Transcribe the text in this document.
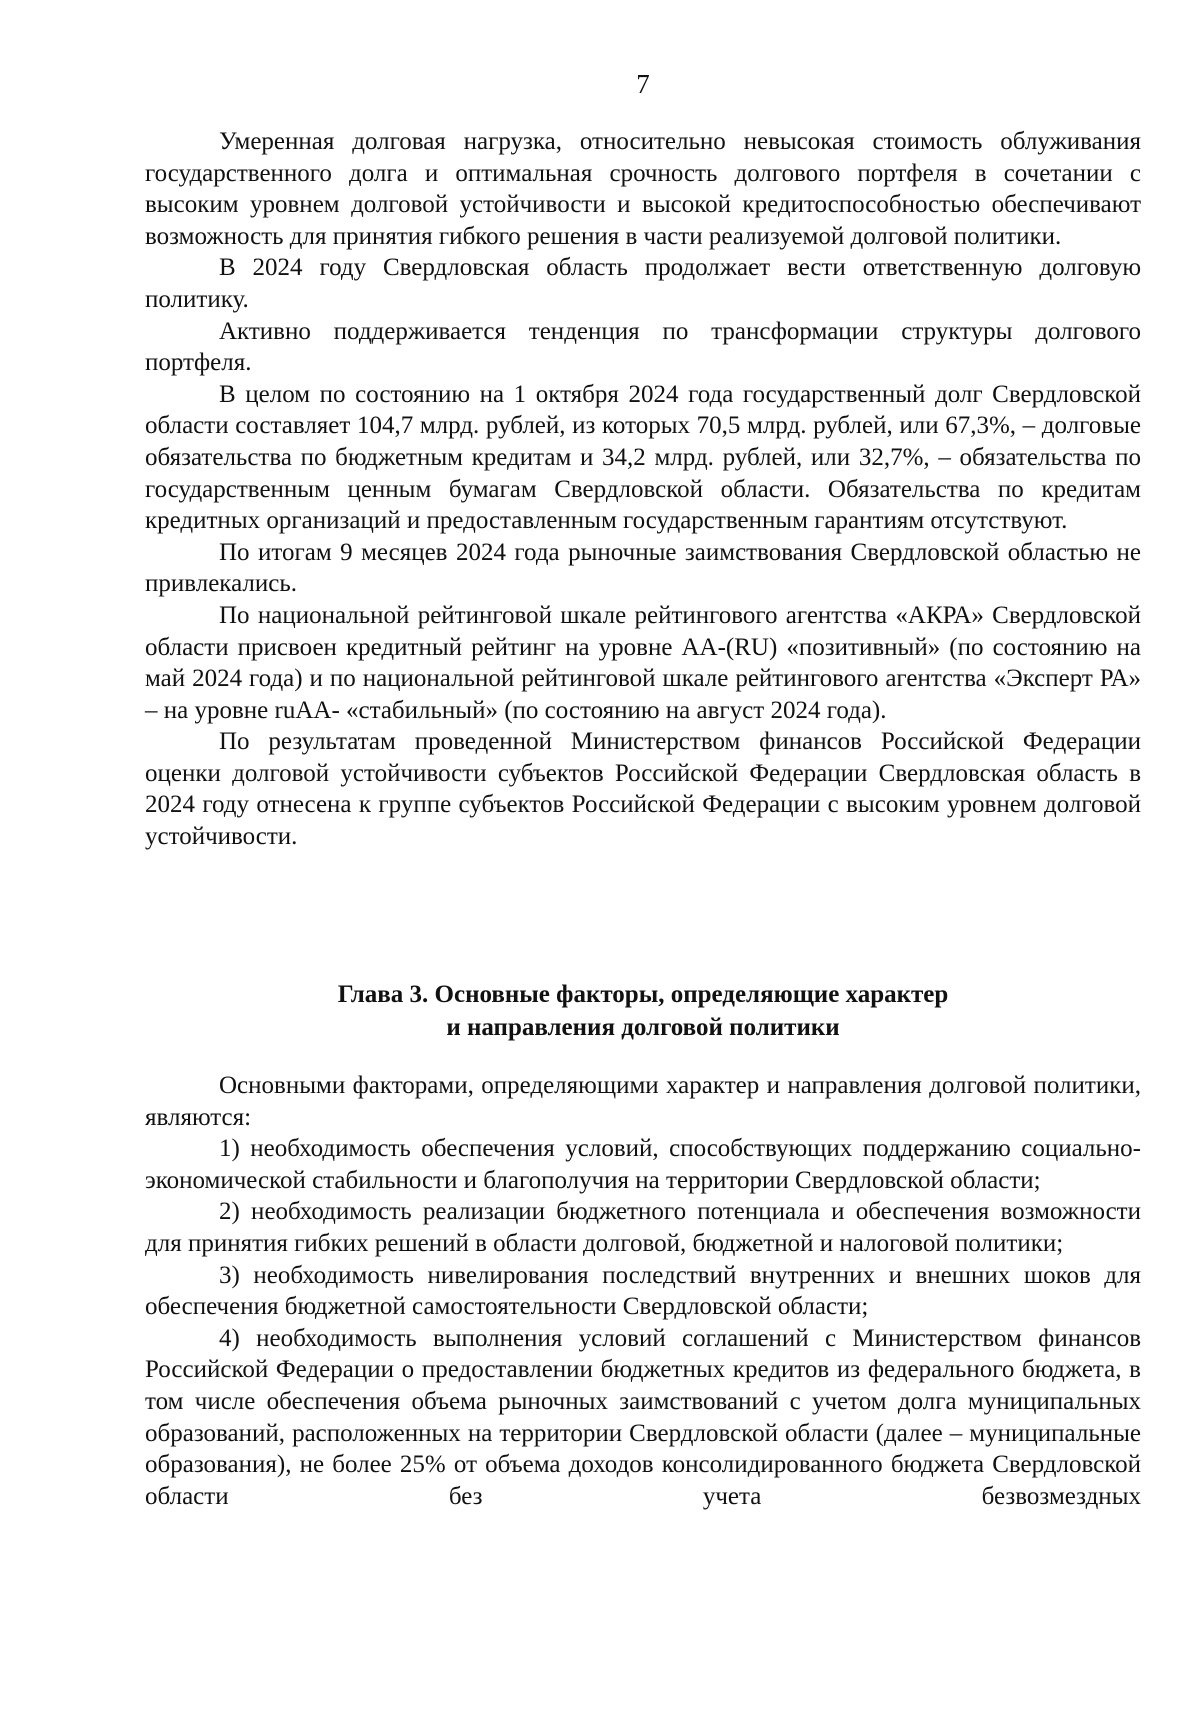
7

Умеренная долговая нагрузка, относительно невысокая стоимость облуживания государственного долга и оптимальная срочность долгового портфеля в сочетании с высоким уровнем долговой устойчивости и высокой кредитоспособностью обеспечивают возможность для принятия гибкого решения в части реализуемой долговой политики.

В 2024 году Свердловская область продолжает вести ответственную долговую политику.

Активно поддерживается тенденция по трансформации структуры долгового портфеля.

В целом по состоянию на 1 октября 2024 года государственный долг Свердловской области составляет 104,7 млрд. рублей, из которых 70,5 млрд. рублей, или 67,3%, – долговые обязательства по бюджетным кредитам и 34,2 млрд. рублей, или 32,7%, – обязательства по государственным ценным бумагам Свердловской области. Обязательства по кредитам кредитных организаций и предоставленным государственным гарантиям отсутствуют.

По итогам 9 месяцев 2024 года рыночные заимствования Свердловской областью не привлекались.

По национальной рейтинговой шкале рейтингового агентства «АКРА» Свердловской области присвоен кредитный рейтинг на уровне АА-(RU) «позитивный» (по состоянию на май 2024 года) и по национальной рейтинговой шкале рейтингового агентства «Эксперт РА» – на уровне ruАА- «стабильный» (по состоянию на август 2024 года).

По результатам проведенной Министерством финансов Российской Федерации оценки долговой устойчивости субъектов Российской Федерации Свердловская область в 2024 году отнесена к группе субъектов Российской Федерации с высоким уровнем долговой устойчивости.

Глава 3. Основные факторы, определяющие характер
и направления долговой политики

Основными факторами, определяющими характер и направления долговой политики, являются:

1) необходимость обеспечения условий, способствующих поддержанию социально-экономической стабильности и благополучия на территории Свердловской области;

2) необходимость реализации бюджетного потенциала и обеспечения возможности для принятия гибких решений в области долговой, бюджетной и налоговой политики;

3) необходимость нивелирования последствий внутренних и внешних шоков для обеспечения бюджетной самостоятельности Свердловской области;

4) необходимость выполнения условий соглашений с Министерством финансов Российской Федерации о предоставлении бюджетных кредитов из федерального бюджета, в том числе обеспечения объема рыночных заимствований с учетом долга муниципальных образований, расположенных на территории Свердловской области (далее – муниципальные образования), не более 25% от объема доходов консолидированного бюджета Свердловской области без учета безвозмездных
